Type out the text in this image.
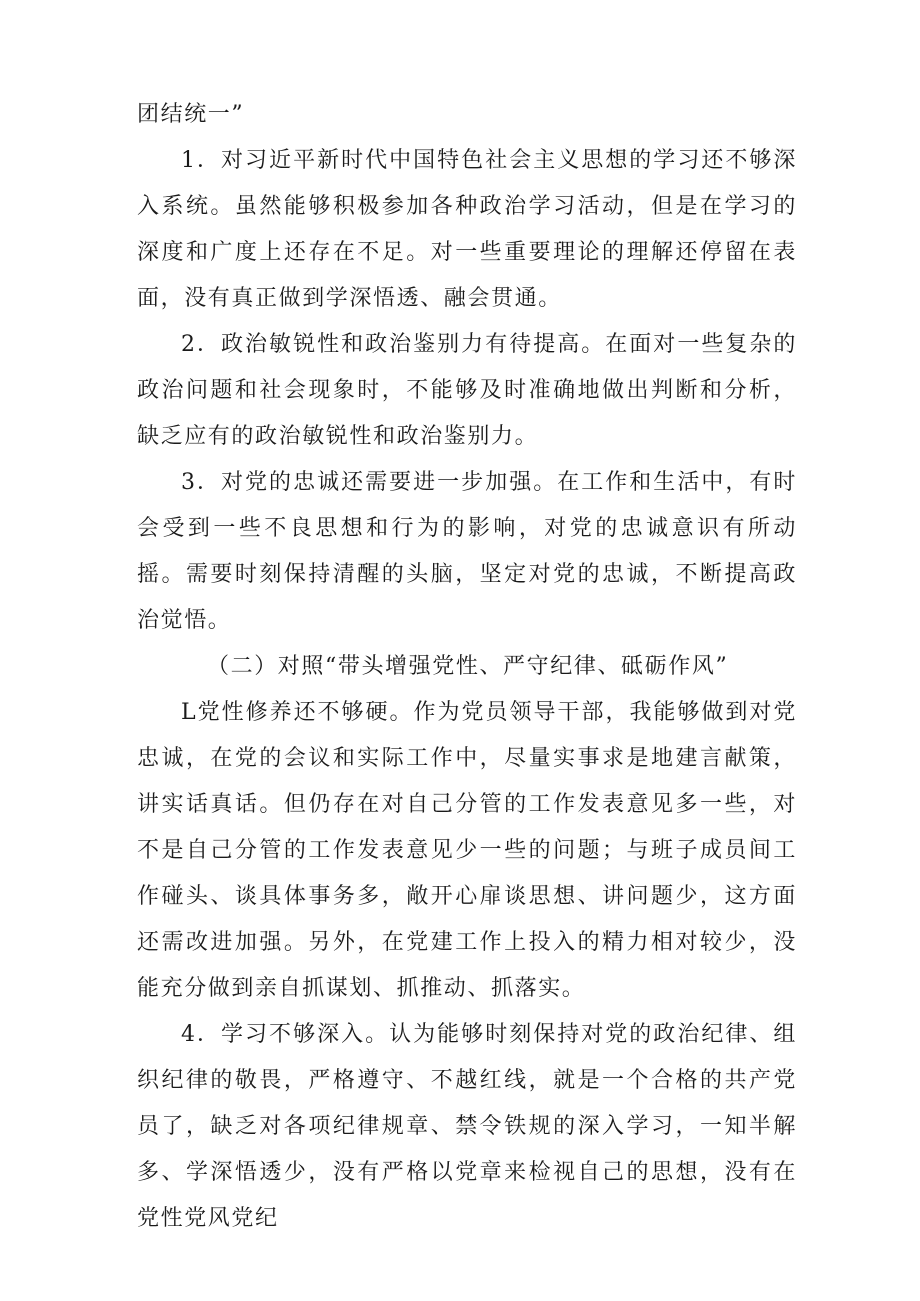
团结统一”

1．对习近平新时代中国特色社会主义思想的学习还不够深入系统。虽然能够积极参加各种政治学习活动，但是在学习的深度和广度上还存在不足。对一些重要理论的理解还停留在表面，没有真正做到学深悟透、融会贯通。

2．政治敏锐性和政治鉴别力有待提高。在面对一些复杂的政治问题和社会现象时，不能够及时准确地做出判断和分析，缺乏应有的政治敏锐性和政治鉴别力。

3．对党的忠诚还需要进一步加强。在工作和生活中，有时会受到一些不良思想和行为的影响，对党的忠诚意识有所动摇。需要时刻保持清醒的头脑，坚定对党的忠诚，不断提高政治觉悟。

（二）对照“带头增强党性、严守纪律、砥砺作风”

L党性修养还不够硬。作为党员领导干部，我能够做到对党忠诚，在党的会议和实际工作中，尽量实事求是地建言献策，讲实话真话。但仍存在对自己分管的工作发表意见多一些，对不是自己分管的工作发表意见少一些的问题；与班子成员间工作碰头、谈具体事务多，敞开心扉谈思想、讲问题少，这方面还需改进加强。另外，在党建工作上投入的精力相对较少，没能充分做到亲自抓谋划、抓推动、抓落实。

4．学习不够深入。认为能够时刻保持对党的政治纪律、组织纪律的敬畏，严格遵守、不越红线，就是一个合格的共产党员了，缺乏对各项纪律规章、禁令铁规的深入学习，一知半解多、学深悟透少，没有严格以党章来检视自己的思想，没有在党性党风党纪
